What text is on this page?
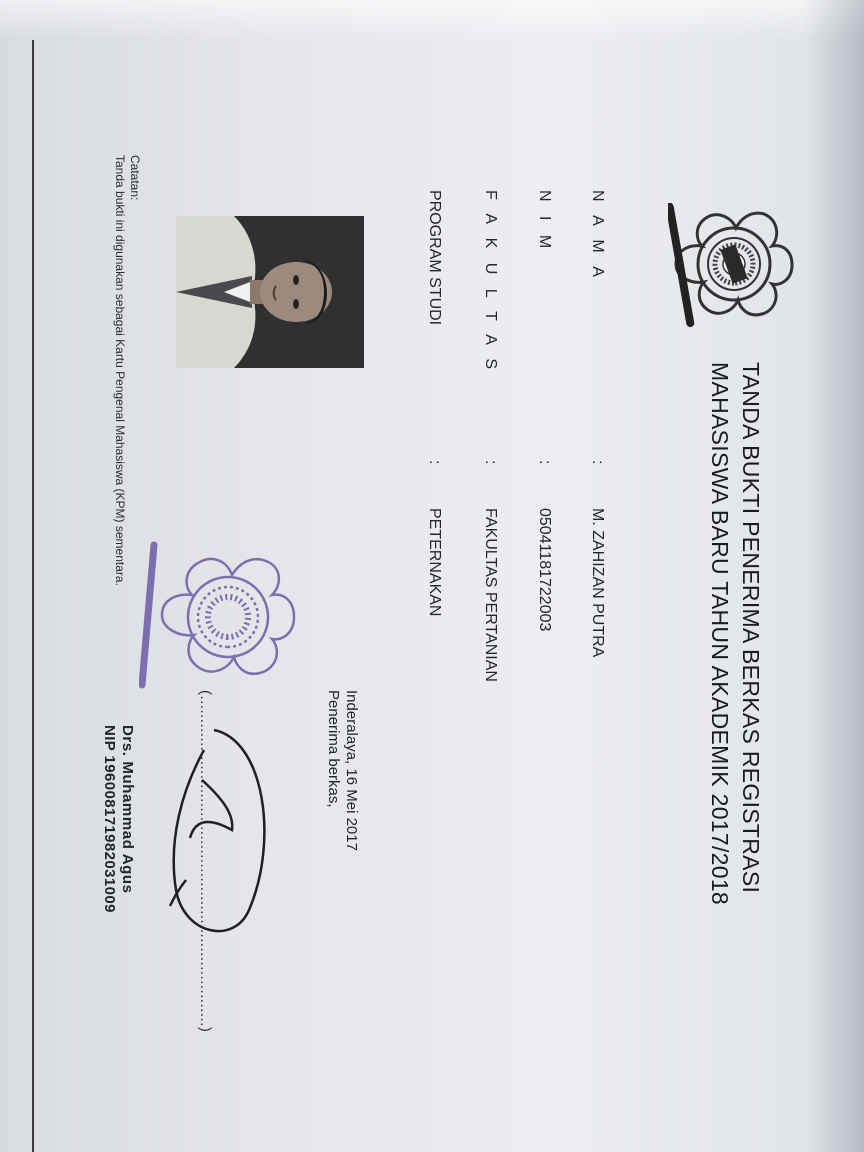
TANDA BUKTI PENERIMA BERKAS REGISTRASI
MAHASISWA BARU TAHUN AKADEMIK 2017/2018
N A M A
:
M. ZAHIZAN PUTRA
N I M
:
05041181722003
F A K U L T A S
:
FAKULTAS PERTANIAN
PROGRAM STUDI
:
PETERNAKAN
Inderalaya, 16 Mei 2017
Penerima berkas,
(.......................................................................)
Drs. Muhammad Agus
NIP 196008171982031009
Catatan:
Tanda bukti ini digunakan sebagai Kartu Pengenal Mahasiswa (KPM) sementara.
